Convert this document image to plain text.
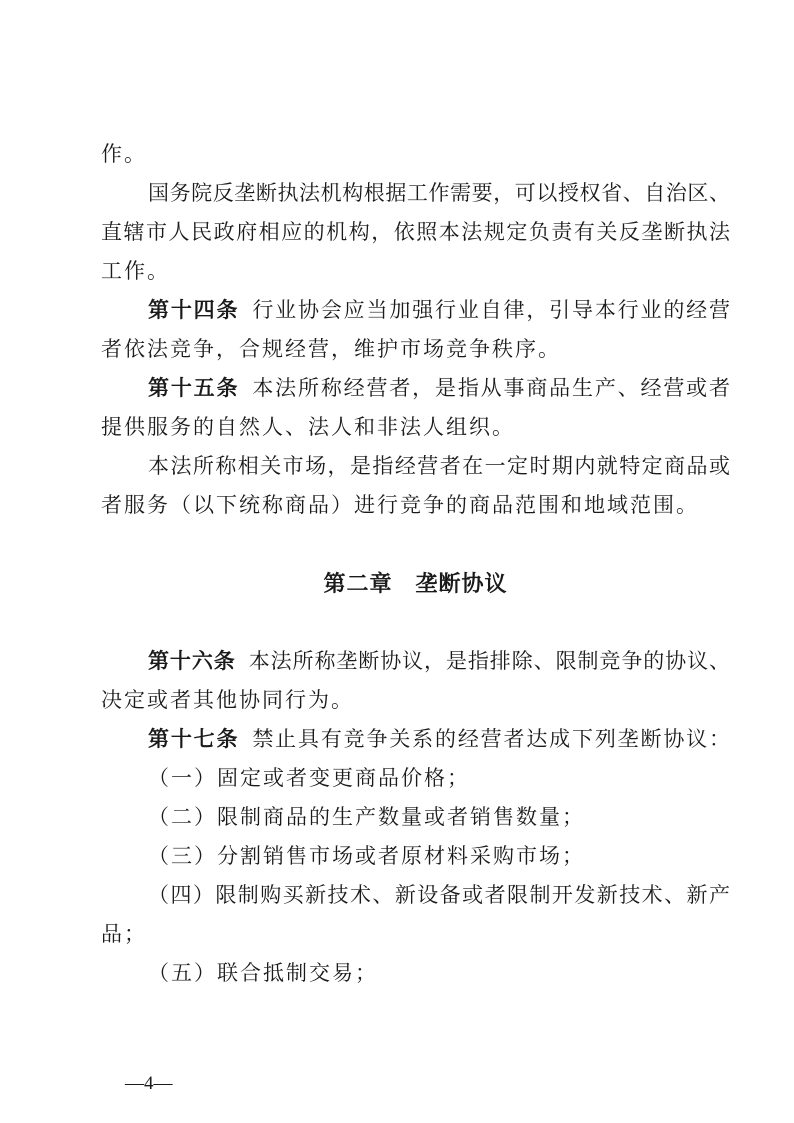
作。
国务院反垄断执法机构根据工作需要，可以授权省、自治区、
直辖市人民政府相应的机构，依照本法规定负责有关反垄断执法
工作。
第十四条 行业协会应当加强行业自律，引导本行业的经营
者依法竞争，合规经营，维护市场竞争秩序。
第十五条 本法所称经营者，是指从事商品生产、经营或者
提供服务的自然人、法人和非法人组织。
本法所称相关市场，是指经营者在一定时期内就特定商品或
者服务（以下统称商品）进行竞争的商品范围和地域范围。
第二章　垄断协议
第十六条 本法所称垄断协议，是指排除、限制竞争的协议、
决定或者其他协同行为。
第十七条 禁止具有竞争关系的经营者达成下列垄断协议：
（一）固定或者变更商品价格；
（二）限制商品的生产数量或者销售数量；
（三）分割销售市场或者原材料采购市场；
（四）限制购买新技术、新设备或者限制开发新技术、新产
品；
（五）联合抵制交易；
—4—
